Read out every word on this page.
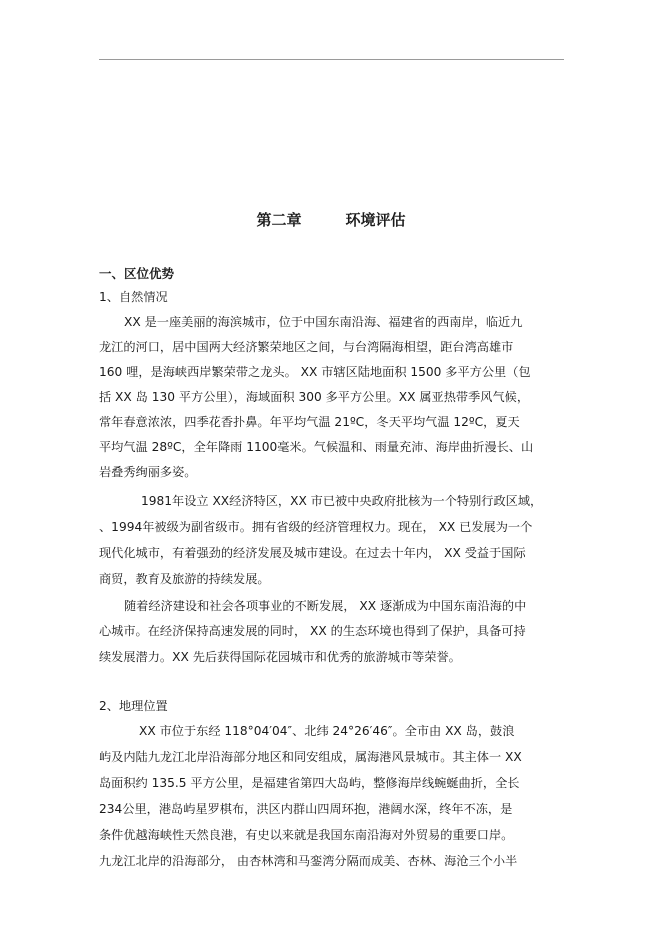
第二章	环境评估
一、区位优势
1、自然情况
XX 是一座美丽的海滨城市，位于中国东南沿海、福建省的西南岸，临近九
龙江的河口，居中国两大经济繁荣地区之间，与台湾隔海相望，距台湾高雄市
160 哩，是海峡西岸繁荣带之龙头。 XX 市辖区陆地面积 1500 多平方公里（包
括 XX 岛 130 平方公里），海域面积 300 多平方公里。XX 属亚热带季风气候，
常年春意浓浓，四季花香扑鼻。年平均气温 21ºC，冬天平均气温 12ºC，夏天
平均气温 28ºC，全年降雨 1100毫米。气候温和、雨量充沛、海岸曲折漫长、山
岩叠秀绚丽多姿。
1981年设立 XX经济特区，XX 市已被中央政府批核为一个特别行政区域，
、1994年被级为副省级市。拥有省级的经济管理权力。现在， XX 已发展为一个
现代化城市，有着强劲的经济发展及城市建设。在过去十年内， XX 受益于国际
商贸，教育及旅游的持续发展。
随着经济建设和社会各项事业的不断发展， XX 逐渐成为中国东南沿海的中
心城市。在经济保持高速发展的同时， XX 的生态环境也得到了保护，具备可持
续发展潜力。XX 先后获得国际花园城市和优秀的旅游城市等荣誉。
2、地理位置
XX 市位于东经 118°04′04″、北纬 24°26′46″。全市由 XX 岛，鼓浪
屿及内陆九龙江北岸沿海部分地区和同安组成，属海港风景城市。其主体一 XX
岛面积约 135.5 平方公里，是福建省第四大岛屿，整修海岸线蜿蜒曲折，全长
234公里，港岛屿星罗棋布，洪区内群山四周环抱，港阔水深，终年不冻，是
条件优越海峡性天然良港，有史以来就是我国东南沿海对外贸易的重要口岸。
九龙江北岸的沿海部分， 由杏林湾和马銮湾分隔而成美、杏林、海沧三个小半
